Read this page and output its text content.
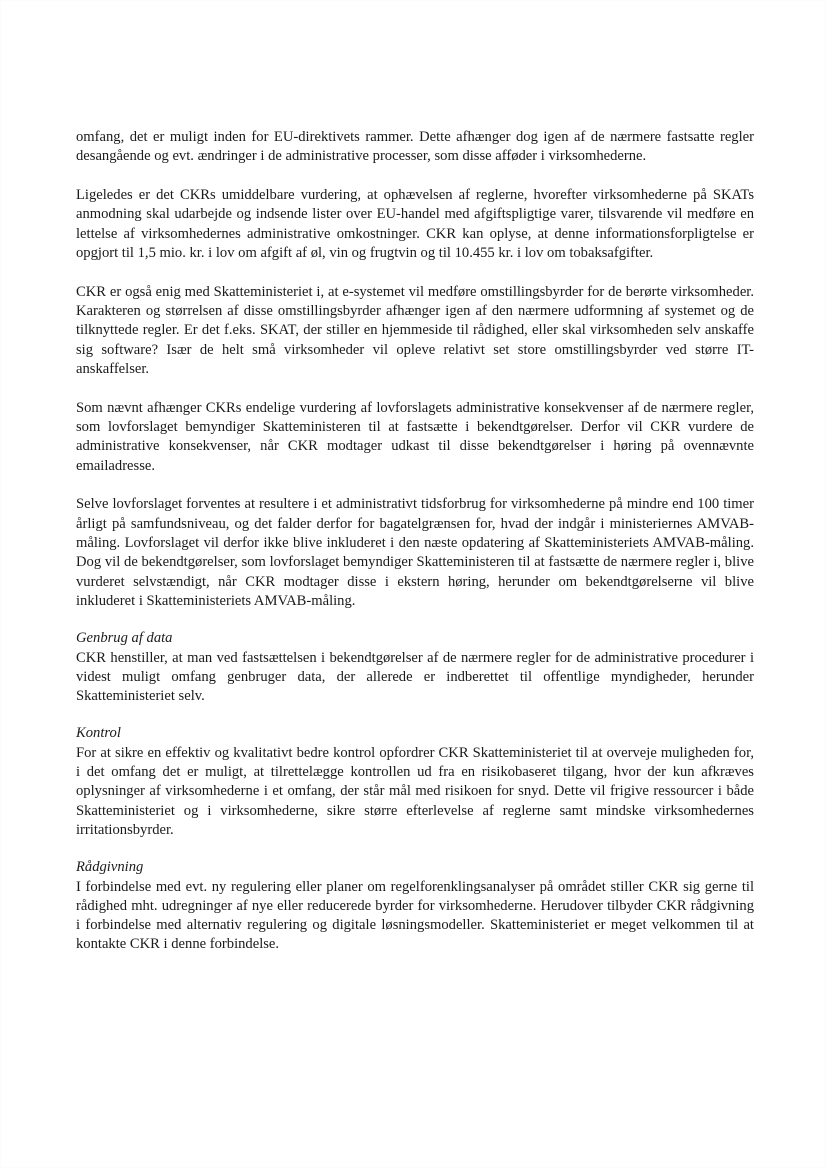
omfang, det er muligt inden for EU-direktivets rammer. Dette afhænger dog igen af de nærmere fastsatte regler desangående og evt. ændringer i de administrative processer, som disse afføder i virksomhederne.

Ligeledes er det CKRs umiddelbare vurdering, at ophævelsen af reglerne, hvorefter virksomhederne på SKATs anmodning skal udarbejde og indsende lister over EU-handel med afgiftspligtige varer, tilsvarende vil medføre en lettelse af virksomhedernes administrative omkostninger. CKR kan oplyse, at denne informationsforpligtelse er opgjort til 1,5 mio. kr. i lov om afgift af øl, vin og frugtvin og til 10.455 kr. i lov om tobaksafgifter.

CKR er også enig med Skatteministeriet i, at e-systemet vil medføre omstillingsbyrder for de berørte virksomheder. Karakteren og størrelsen af disse omstillingsbyrder afhænger igen af den nærmere udformning af systemet og de tilknyttede regler. Er det f.eks. SKAT, der stiller en hjemmeside til rådighed, eller skal virksomheden selv anskaffe sig software? Især de helt små virksomheder vil opleve relativt set store omstillingsbyrder ved større IT-anskaffelser.

Som nævnt afhænger CKRs endelige vurdering af lovforslagets administrative konsekvenser af de nærmere regler, som lovforslaget bemyndiger Skatteministeren til at fastsætte i bekendtgørelser. Derfor vil CKR vurdere de administrative konsekvenser, når CKR modtager udkast til disse bekendtgørelser i høring på ovennævnte emailadresse.

Selve lovforslaget forventes at resultere i et administrativt tidsforbrug for virksomhederne på mindre end 100 timer årligt på samfundsniveau, og det falder derfor for bagatelgrænsen for, hvad der indgår i ministeriernes AMVAB-måling. Lovforslaget vil derfor ikke blive inkluderet i den næste opdatering af Skatteministeriets AMVAB-måling. Dog vil de bekendtgørelser, som lovforslaget bemyndiger Skatteministeren til at fastsætte de nærmere regler i, blive vurderet selvstændigt, når CKR modtager disse i ekstern høring, herunder om bekendtgørelserne vil blive inkluderet i Skatteministeriets AMVAB-måling.

Genbrug af data

CKR henstiller, at man ved fastsættelsen i bekendtgørelser af de nærmere regler for de administrative procedurer i videst muligt omfang genbruger data, der allerede er indberettet til offentlige myndigheder, herunder Skatteministeriet selv.

Kontrol

For at sikre en effektiv og kvalitativt bedre kontrol opfordrer CKR Skatteministeriet til at overveje muligheden for, i det omfang det er muligt, at tilrettelægge kontrollen ud fra en risikobaseret tilgang, hvor der kun afkræves oplysninger af virksomhederne i et omfang, der står mål med risikoen for snyd. Dette vil frigive ressourcer i både Skatteministeriet og i virksomhederne, sikre større efterlevelse af reglerne samt mindske virksomhedernes irritationsbyrder.

Rådgivning

I forbindelse med evt. ny regulering eller planer om regelforenklingsanalyser på området stiller CKR sig gerne til rådighed mht. udregninger af nye eller reducerede byrder for virksomhederne. Herudover tilbyder CKR rådgivning i forbindelse med alternativ regulering og digitale løsningsmodeller. Skatteministeriet er meget velkommen til at kontakte CKR i denne forbindelse.
